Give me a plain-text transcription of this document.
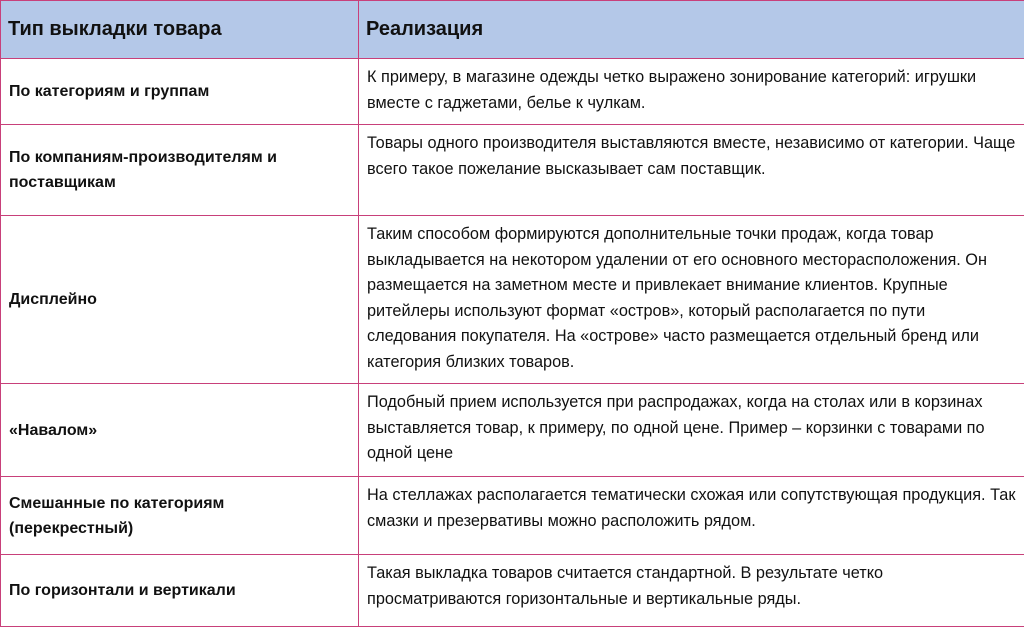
Тип выкладки товара	Реализация
По категориям и группам	К примеру, в магазине одежды четко выражено зонирование категорий: игрушки вместе с гаджетами, белье к чулкам.
По компаниям-производителям и поставщикам	Товары одного производителя выставляются вместе, независимо от категории. Чаще всего такое пожелание высказывает сам поставщик.
Дисплейно	Таким способом формируются дополнительные точки продаж, когда товар выкладывается на некотором удалении от его основного месторасположения. Он размещается на заметном месте и привлекает внимание клиентов. Крупные ритейлеры используют формат «остров», который располагается по пути следования покупателя. На «острове» часто размещается отдельный бренд или категория близких товаров.
«Навалом»	Подобный прием используется при распродажах, когда на столах или в корзинах выставляется товар, к примеру, по одной цене. Пример – корзинки с товарами по одной цене
Смешанные по категориям (перекрестный)	На стеллажах располагается тематически схожая или сопутствующая продукция. Так смазки и презервативы можно расположить рядом.
По горизонтали и вертикали	Такая выкладка товаров считается стандартной. В результате четко просматриваются горизонтальные и вертикальные ряды.
